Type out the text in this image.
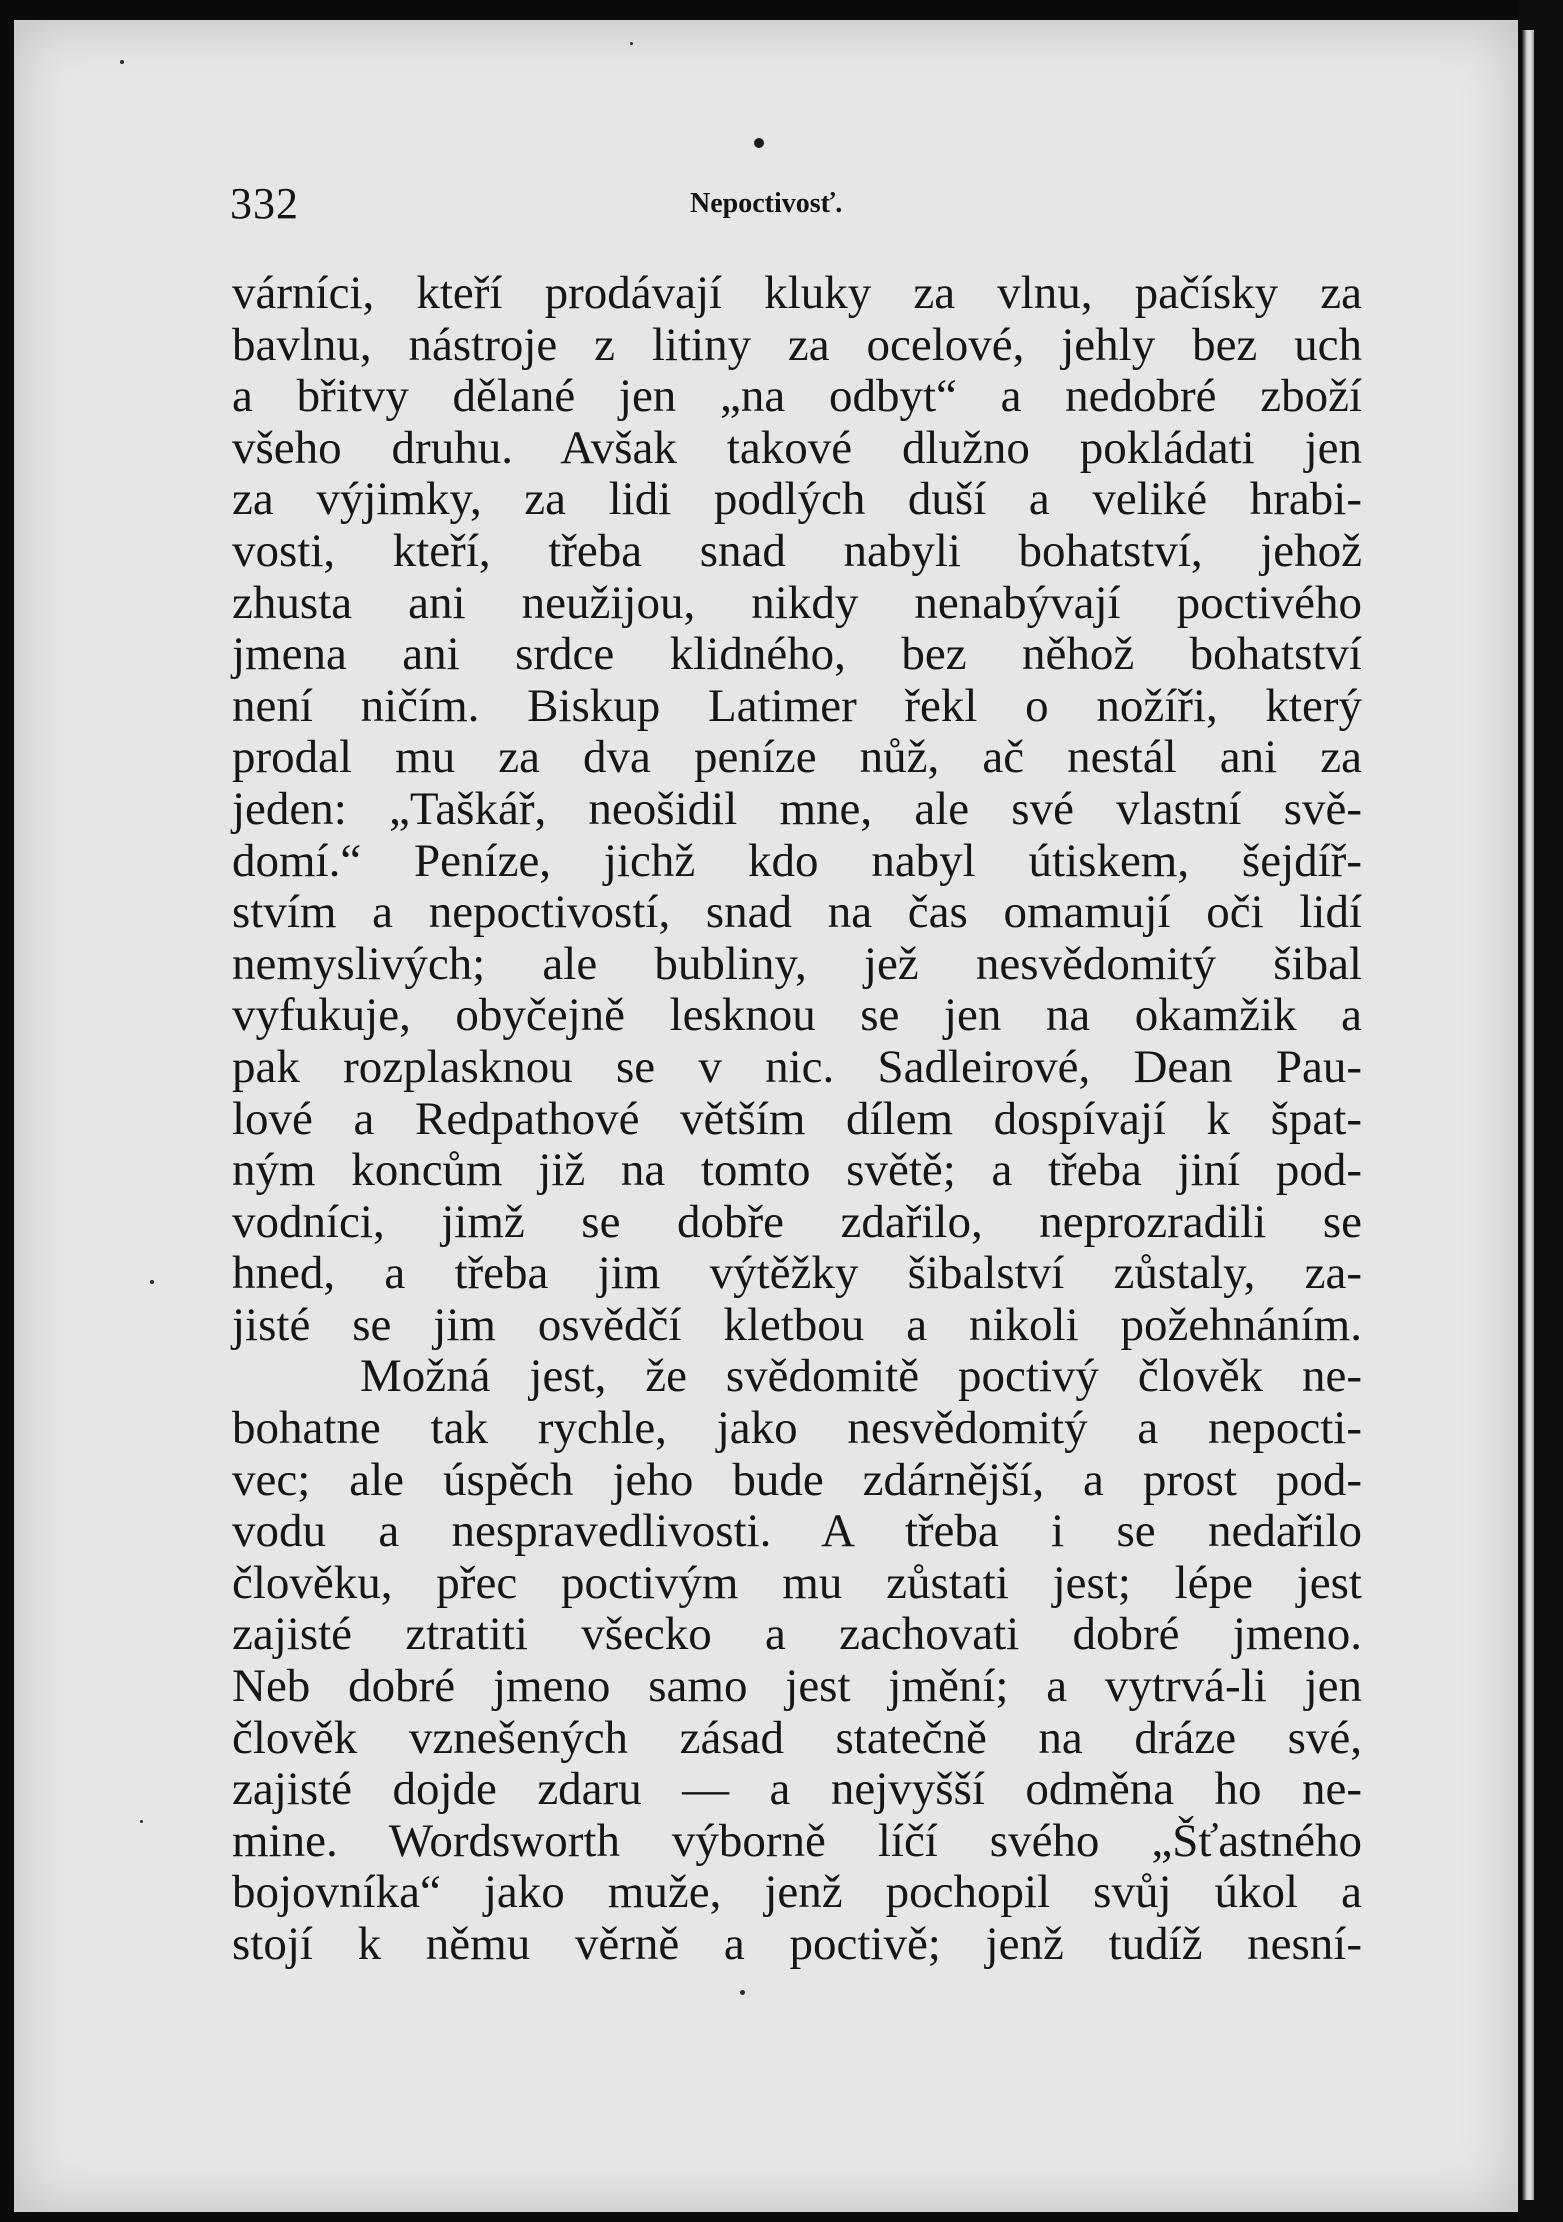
332	Nepoctivosť.
várníci, kteří prodávají kluky za vlnu, pačísky za
bavlnu, nástroje z litiny za ocelové, jehly bez uch
a břitvy dělané jen „na odbyt“ a nedobré zboží
všeho druhu. Avšak takové dlužno pokládati jen
za výjimky, za lidi podlých duší a veliké hrabi-
vosti, kteří, třeba snad nabyli bohatství, jehož
zhusta ani neužijou, nikdy nenabývají poctivého
jmena ani srdce klidného, bez něhož bohatství
není ničím. Biskup Latimer řekl o nožíři, který
prodal mu za dva peníze nůž, ač nestál ani za
jeden: „Taškář, neošidil mne, ale své vlastní svě-
domí.“ Peníze, jichž kdo nabyl útiskem, šejdíř-
stvím a nepoctivostí, snad na čas omamují oči lidí
nemyslivých; ale bubliny, jež nesvědomitý šibal
vyfukuje, obyčejně lesknou se jen na okamžik a
pak rozplasknou se v nic. Sadleirové, Dean Pau-
lové a Redpathové větším dílem dospívají k špat-
ným koncům již na tomto světě; a třeba jiní pod-
vodníci, jimž se dobře zdařilo, neprozradili se
hned, a třeba jim výtěžky šibalství zůstaly, za-
jisté se jim osvědčí kletbou a nikoli požehnáním.
Možná jest, že svědomitě poctivý člověk ne-
bohatne tak rychle, jako nesvědomitý a nepocti-
vec; ale úspěch jeho bude zdárnější, a prost pod-
vodu a nespravedlivosti. A třeba i se nedařilo
člověku, přec poctivým mu zůstati jest; lépe jest
zajisté ztratiti všecko a zachovati dobré jmeno.
Neb dobré jmeno samo jest jmění; a vytrvá-li jen
člověk vznešených zásad statečně na dráze své,
zajisté dojde zdaru — a nejvyšší odměna ho ne-
mine. Wordsworth výborně líčí svého „Šťastného
bojovníka“ jako muže, jenž pochopil svůj úkol a
stojí k němu věrně a poctivě; jenž tudíž nesní-
